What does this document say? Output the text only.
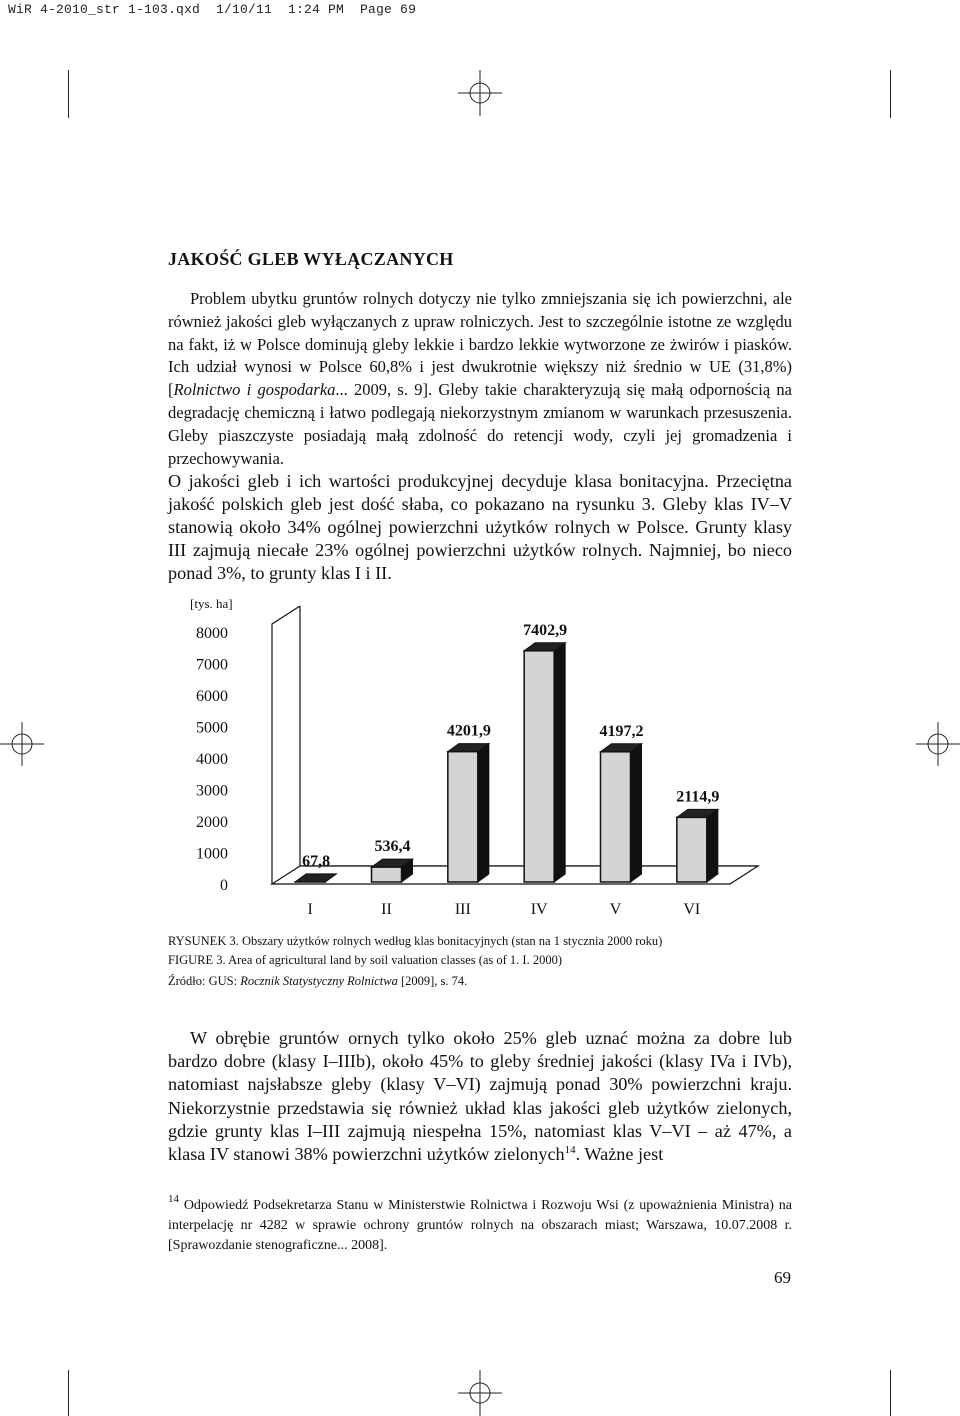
WiR 4-2010_str 1-103.qxd  1/10/11  1:24 PM  Page 69
JAKOŚĆ GLEB WYŁĄCZANYCH

Problem ubytku gruntów rolnych dotyczy nie tylko zmniejszania się ich powierzchni, ale również jakości gleb wyłączanych z upraw rolniczych. Jest to szczególnie istotne ze względu na fakt, iż w Polsce dominują gleby lekkie i bardzo lekkie wytworzone ze żwirów i piasków. Ich udział wynosi w Polsce 60,8% i jest dwukrotnie większy niż średnio w UE (31,8%) [Rolnictwo i gospodarka... 2009, s. 9]. Gleby takie charakteryzują się małą odpornością na degradację chemiczną i łatwo podlegają niekorzystnym zmianom w warunkach przesuszenia. Gleby piaszczyste posiadają małą zdolność do retencji wody, czyli jej gromadzenia i przechowywania.
O jakości gleb i ich wartości produkcyjnej decyduje klasa bonitacyjna. Przeciętna jakość polskich gleb jest dość słaba, co pokazano na rysunku 3. Gleby klas IV–V stanowią około 34% ogólnej powierzchni użytków rolnych w Polsce. Grunty klasy III zajmują niecałe 23% ogólnej powierzchni użytków rolnych. Najmniej, bo nieco ponad 3%, to grunty klas I i II.

0
1000
2000
3000
4000
5000
6000
7000
8000
[tys. ha]
67,8
I
536,4
II
4201,9
III
7402,9
IV
4197,2
V
2114,9
VI
RYSUNEK 3. Obszary użytków rolnych według klas bonitacyjnych (stan na 1 stycznia 2000 roku)
FIGURE 3. Area of agricultural land by soil valuation classes (as of 1. I. 2000)
Źródło: GUS: Rocznik Statystyczny Rolnictwa [2009], s. 74.

W obrębie gruntów ornych tylko około 25% gleb uznać można za dobre lub bardzo dobre (klasy I–IIIb), około 45% to gleby średniej jakości (klasy IVa i IVb), natomiast najsłabsze gleby (klasy V–VI) zajmują ponad 30% powierzchni kraju. Niekorzystnie przedstawia się również układ klas jakości gleb użytków zielonych, gdzie grunty klas I–III zajmują niespełna 15%, natomiast klas V–VI – aż 47%, a klasa IV stanowi 38% powierzchni użytków zielonych$^{14}$. Ważne jest

$^{14}$ Odpowiedź Podsekretarza Stanu w Ministerstwie Rolnictwa i Rozwoju Wsi (z upoważnienia Ministra) na interpelację nr 4282 w sprawie ochrony gruntów rolnych na obszarach miast; Warszawa, 10.07.2008 r. [Sprawozdanie stenograficzne... 2008].

69
